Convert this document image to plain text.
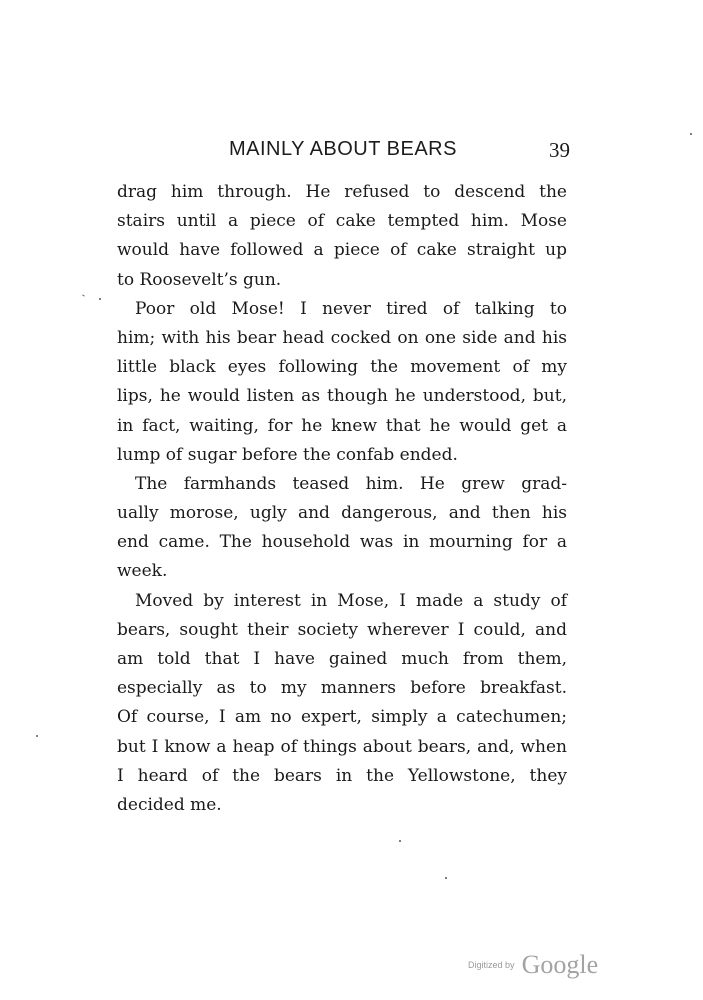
MAINLY ABOUT BEARS	39

drag him through. He refused to descend the
stairs until a piece of cake tempted him. Mose
would have followed a piece of cake straight up
to Roosevelt’s gun.

Poor old Mose! I never tired of talking to
him; with his bear head cocked on one side and his
little black eyes following the movement of my
lips, he would listen as though he understood, but,
in fact, waiting, for he knew that he would get a
lump of sugar before the confab ended.

The farmhands teased him. He grew grad-
ually morose, ugly and dangerous, and then his
end came. The household was in mourning for a
week.

Moved by interest in Mose, I made a study of
bears, sought their society wherever I could, and
am told that I have gained much from them,
especially as to my manners before breakfast.
Of course, I am no expert, simply a catechumen;
but I know a heap of things about bears, and, when
I heard of the bears in the Yellowstone, they
decided me.

Digitized by Google
